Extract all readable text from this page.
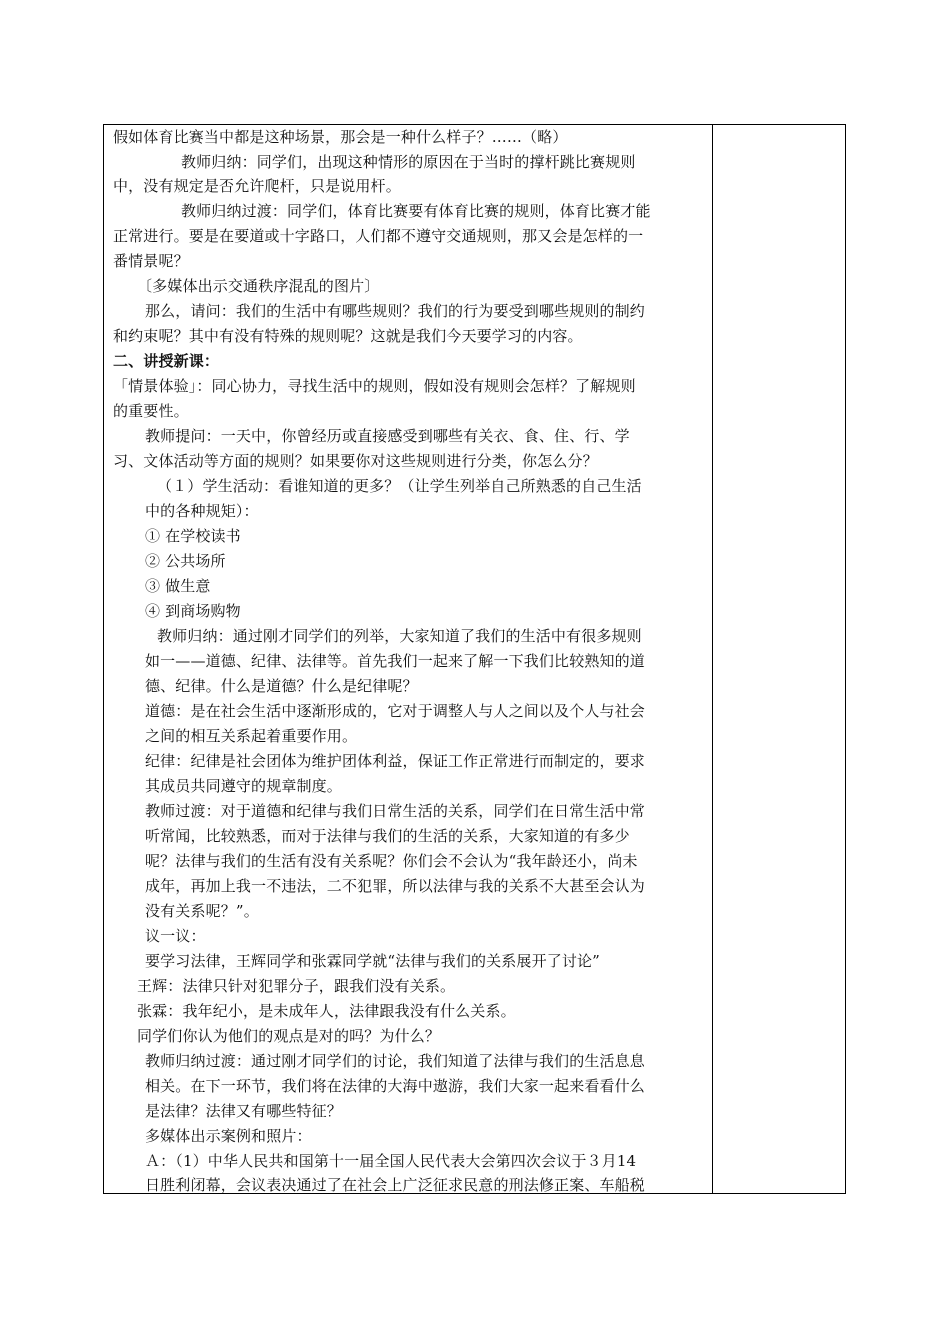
假如体育比赛当中都是这种场景，那会是一种什么样子？……（略）
教师归纳：同学们，出现这种情形的原因在于当时的撑杆跳比赛规则
中，没有规定是否允许爬杆，只是说用杆。
教师归纳过渡：同学们，体育比赛要有体育比赛的规则，体育比赛才能
正常进行。要是在要道或十字路口，人们都不遵守交通规则，那又会是怎样的一
番情景呢？
〔多媒体出示交通秩序混乱的图片〕
那么，请问：我们的生活中有哪些规则？我们的行为要受到哪些规则的制约
和约束呢？其中有没有特殊的规则呢？这就是我们今天要学习的内容。
二、讲授新课：
「情景体验」：同心协力，寻找生活中的规则，假如没有规则会怎样？了解规则
的重要性。
教师提问：一天中，你曾经历或直接感受到哪些有关衣、食、住、行、学
习、文体活动等方面的规则？如果要你对这些规则进行分类，你怎么分？
（１）学生活动：看谁知道的更多？（让学生列举自己所熟悉的自己生活
中的各种规矩）：
① 在学校读书
② 公共场所
③ 做生意
④ 到商场购物
教师归纳：通过刚才同学们的列举，大家知道了我们的生活中有很多规则
如一——道德、纪律、法律等。首先我们一起来了解一下我们比较熟知的道
德、纪律。什么是道德？什么是纪律呢？
道德：是在社会生活中逐渐形成的，它对于调整人与人之间以及个人与社会
之间的相互关系起着重要作用。
纪律：纪律是社会团体为维护团体利益，保证工作正常进行而制定的，要求
其成员共同遵守的规章制度。
教师过渡：对于道德和纪律与我们日常生活的关系，同学们在日常生活中常
听常闻，比较熟悉，而对于法律与我们的生活的关系，大家知道的有多少
呢？法律与我们的生活有没有关系呢？你们会不会认为“我年龄还小，尚未
成年，再加上我一不违法，二不犯罪，所以法律与我的关系不大甚至会认为
没有关系呢？”。
议一议：
要学习法律，王辉同学和张霖同学就“法律与我们的关系展开了讨论”
王辉：法律只针对犯罪分子，跟我们没有关系。
张霖：我年纪小，是未成年人，法律跟我没有什么关系。
同学们你认为他们的观点是对的吗？为什么？
教师归纳过渡：通过刚才同学们的讨论，我们知道了法律与我们的生活息息
相关。在下一环节，我们将在法律的大海中遨游，我们大家一起来看看什么
是法律？法律又有哪些特征？
多媒体出示案例和照片：
Ａ：（1）中华人民共和国第十一届全国人民代表大会第四次会议于３月14
日胜利闭幕，会议表决通过了在社会上广泛征求民意的刑法修正案、车船税
